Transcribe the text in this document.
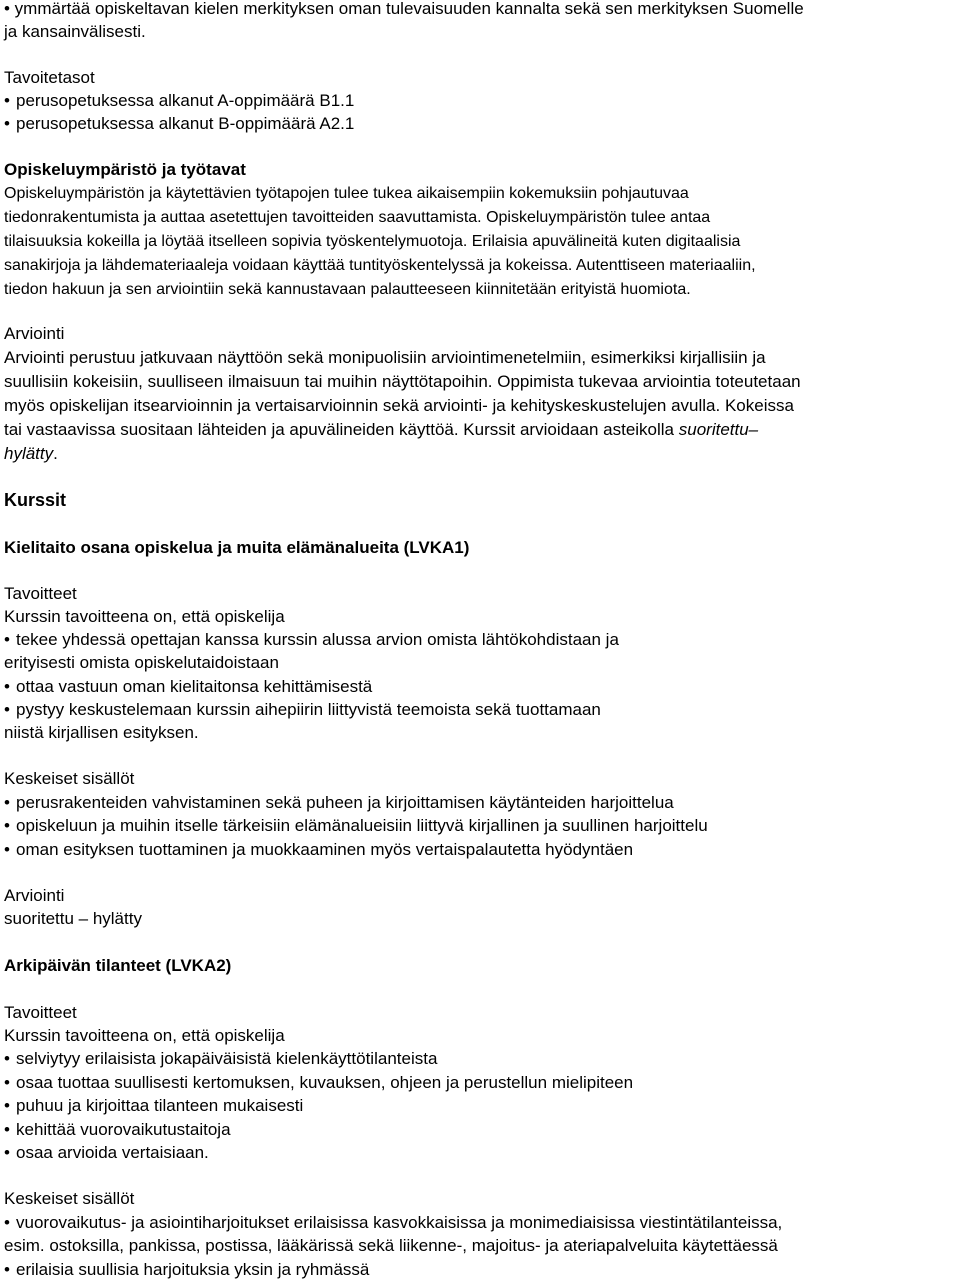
• ymmärtää opiskeltavan kielen merkityksen oman tulevaisuuden kannalta sekä sen merkityksen Suomelle
ja kansainvälisesti.
Tavoitetasot
• perusopetuksessa alkanut A-oppimäärä B1.1
• perusopetuksessa alkanut B-oppimäärä A2.1
Opiskeluympäristö ja työtavat
Opiskeluympäristön ja käytettävien työtapojen tulee tukea aikaisempiin kokemuksiin pohjautuvaa
tiedonrakentumista ja auttaa asetettujen tavoitteiden saavuttamista. Opiskeluympäristön tulee antaa
tilaisuuksia kokeilla ja löytää itselleen sopivia työskentelymuotoja. Erilaisia apuvälineitä kuten digitaalisia
sanakirjoja ja lähdemateriaaleja voidaan käyttää tuntityöskentelyssä ja kokeissa. Autenttiseen materiaaliin,
tiedon hakuun ja sen arviointiin sekä kannustavaan palautteeseen kiinnitetään erityistä huomiota.
Arviointi
Arviointi perustuu jatkuvaan näyttöön sekä monipuolisiin arviointimenetelmiin, esimerkiksi kirjallisiin ja
suullisiin kokeisiin, suulliseen ilmaisuun tai muihin näyttötapoihin. Oppimista tukevaa arviointia toteutetaan
myös opiskelijan itsearvioinnin ja vertaisarvioinnin sekä arviointi- ja kehityskeskustelujen avulla. Kokeissa
tai vastaavissa suositaan lähteiden ja apuvälineiden käyttöä. Kurssit arvioidaan asteikolla suoritettu–
hylätty.
Kurssit
Kielitaito osana opiskelua ja muita elämänalueita (LVKA1)
Tavoitteet
Kurssin tavoitteena on, että opiskelija
• tekee yhdessä opettajan kanssa kurssin alussa arvion omista lähtökohdistaan ja
erityisesti omista opiskelutaidoistaan
• ottaa vastuun oman kielitaitonsa kehittämisestä
• pystyy keskustelemaan kurssin aihepiirin liittyvistä teemoista sekä tuottamaan
niistä kirjallisen esityksen.
Keskeiset sisällöt
• perusrakenteiden vahvistaminen sekä puheen ja kirjoittamisen käytänteiden harjoittelua
• opiskeluun ja muihin itselle tärkeisiin elämänalueisiin liittyvä kirjallinen ja suullinen harjoittelu
• oman esityksen tuottaminen ja muokkaaminen myös vertaispalautetta hyödyntäen
Arviointi
suoritettu – hylätty
Arkipäivän tilanteet (LVKA2)
Tavoitteet
Kurssin tavoitteena on, että opiskelija
• selviytyy erilaisista jokapäiväisistä kielenkäyttötilanteista
• osaa tuottaa suullisesti kertomuksen, kuvauksen, ohjeen ja perustellun mielipiteen
• puhuu ja kirjoittaa tilanteen mukaisesti
• kehittää vuorovaikutustaitoja
• osaa arvioida vertaisiaan.
Keskeiset sisällöt
• vuorovaikutus- ja asiointiharjoitukset erilaisissa kasvokkaisissa ja monimediaisissa viestintätilanteissa,
esim. ostoksilla, pankissa, postissa, lääkärissä sekä liikenne-, majoitus- ja ateriapalveluita käytettäessä
• erilaisia suullisia harjoituksia yksin ja ryhmässä
